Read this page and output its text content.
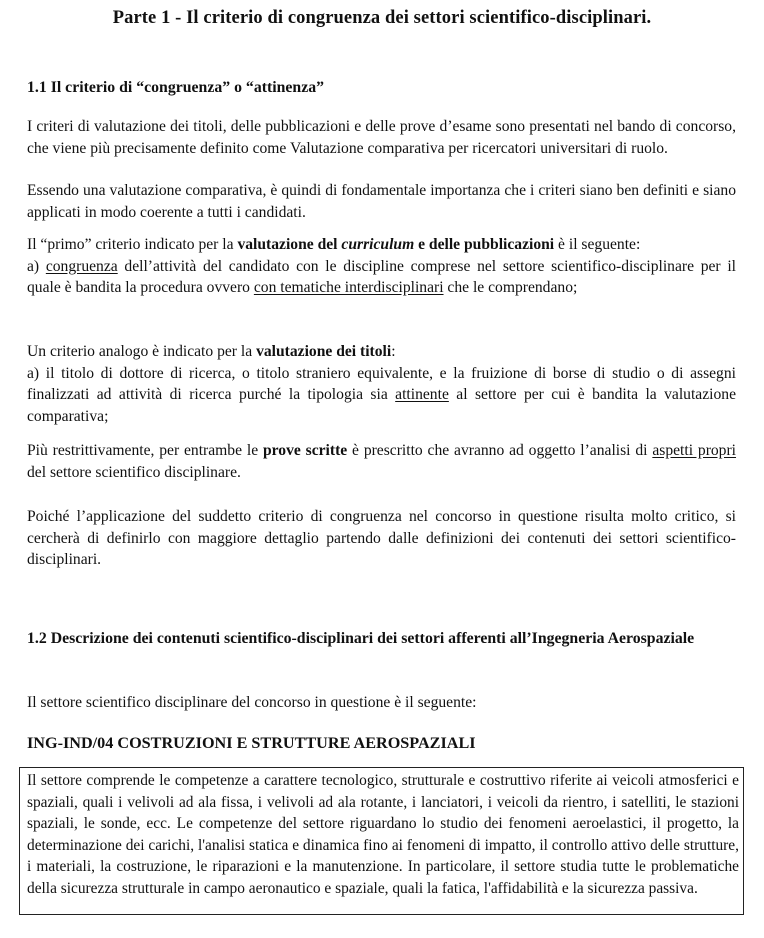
Parte 1 - Il criterio di congruenza dei settori scientifico-disciplinari.
1.1 Il criterio di “congruenza” o “attinenza”
I criteri di valutazione dei titoli, delle pubblicazioni e delle prove d’esame sono presentati nel bando di concorso, che viene più precisamente definito come Valutazione comparativa per ricercatori universitari di ruolo.
Essendo una valutazione comparativa, è quindi di fondamentale importanza che i criteri siano ben definiti e siano applicati in modo coerente a tutti i candidati.
Il “primo” criterio indicato per la valutazione del curriculum e delle pubblicazioni è il seguente:
a) congruenza dell’attività del candidato con le discipline comprese nel settore scientifico-disciplinare per il quale è bandita la procedura ovvero con tematiche interdisciplinari che le comprendano;
Un criterio analogo è indicato per la valutazione dei titoli:
a) il titolo di dottore di ricerca, o titolo straniero equivalente, e la fruizione di borse di studio o di assegni finalizzati ad attività di ricerca purché la tipologia sia attinente al settore per cui è bandita la valutazione comparativa;
Più restrittivamente, per entrambe le prove scritte è prescritto che avranno ad oggetto l’analisi di aspetti propri del settore scientifico disciplinare.
Poiché l’applicazione del suddetto criterio di congruenza nel concorso in questione risulta molto critico, si cercherà di definirlo con maggiore dettaglio partendo dalle definizioni dei contenuti dei settori scientifico-disciplinari.
1.2 Descrizione dei contenuti scientifico-disciplinari dei settori afferenti all’Ingegneria Aerospaziale
Il settore scientifico disciplinare del concorso in questione è il seguente:
ING-IND/04 COSTRUZIONI E STRUTTURE AEROSPAZIALI
Il settore comprende le competenze a carattere tecnologico, strutturale e costruttivo riferite ai veicoli atmosferici e spaziali, quali i velivoli ad ala fissa, i velivoli ad ala rotante, i lanciatori, i veicoli da rientro, i satelliti, le stazioni spaziali, le sonde, ecc. Le competenze del settore riguardano lo studio dei fenomeni aeroelastici, il progetto, la determinazione dei carichi, l'analisi statica e dinamica fino ai fenomeni di impatto, il controllo attivo delle strutture, i materiali, la costruzione, le riparazioni e la manutenzione. In particolare, il settore studia tutte le problematiche della sicurezza strutturale in campo aeronautico e spaziale, quali la fatica, l'affidabilità e la sicurezza passiva.
